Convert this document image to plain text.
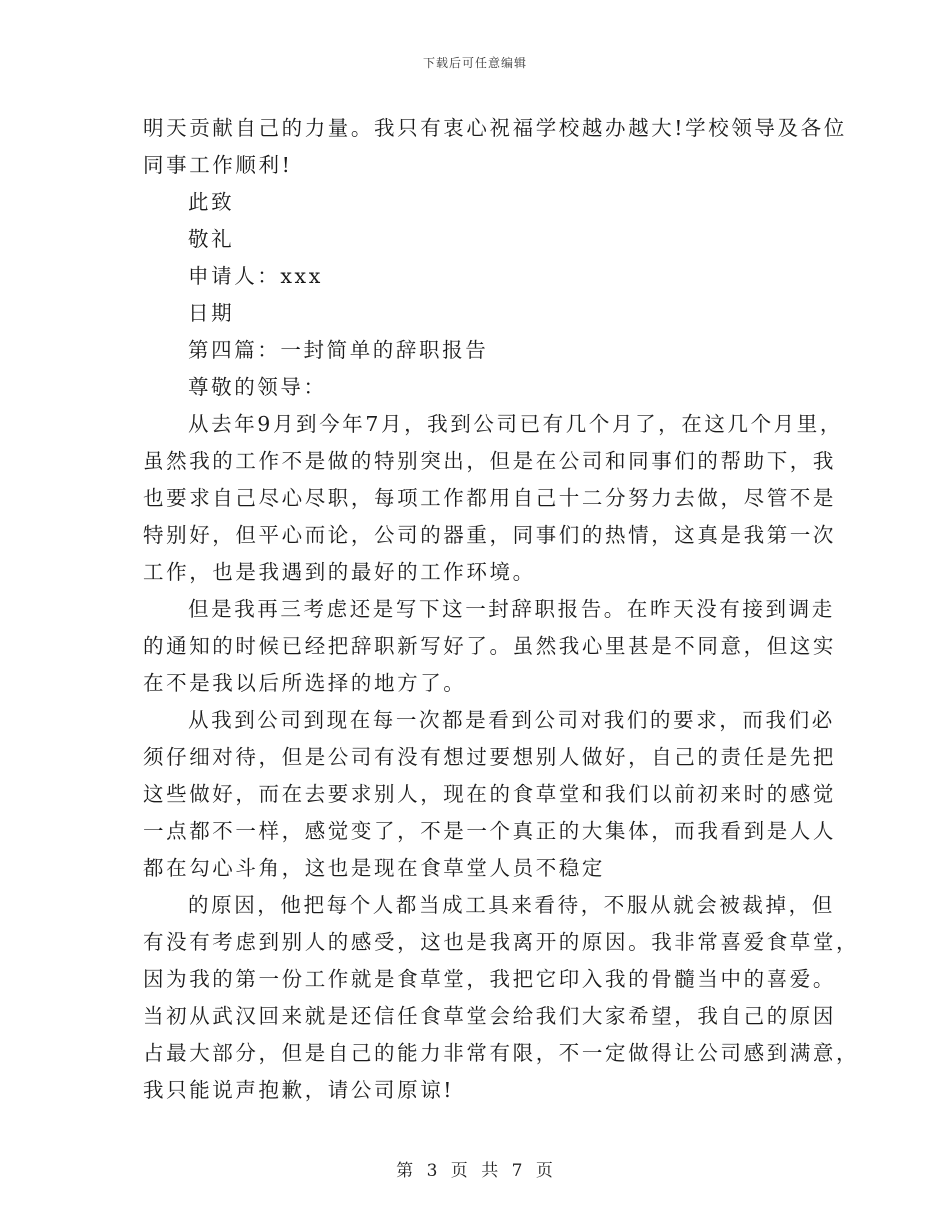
下载后可任意编辑
明天贡献自己的力量。我只有衷心祝福学校越办越大!学校领导及各位
同事工作顺利!
此致
敬礼
申请人：xxx
日期
第四篇：一封简单的辞职报告
尊敬的领导：
从去年9月到今年7月，我到公司已有几个月了，在这几个月里，
虽然我的工作不是做的特别突出，但是在公司和同事们的帮助下，我
也要求自己尽心尽职，每项工作都用自己十二分努力去做，尽管不是
特别好，但平心而论，公司的器重，同事们的热情，这真是我第一次
工作，也是我遇到的最好的工作环境。
但是我再三考虑还是写下这一封辞职报告。在昨天没有接到调走
的通知的时候已经把辞职新写好了。虽然我心里甚是不同意，但这实
在不是我以后所选择的地方了。
从我到公司到现在每一次都是看到公司对我们的要求，而我们必
须仔细对待，但是公司有没有想过要想别人做好，自己的责任是先把
这些做好，而在去要求别人，现在的食草堂和我们以前初来时的感觉
一点都不一样，感觉变了，不是一个真正的大集体，而我看到是人人
都在勾心斗角，这也是现在食草堂人员不稳定
的原因，他把每个人都当成工具来看待，不服从就会被裁掉，但
有没有考虑到别人的感受，这也是我离开的原因。我非常喜爱食草堂，
因为我的第一份工作就是食草堂，我把它印入我的骨髓当中的喜爱。
当初从武汉回来就是还信任食草堂会给我们大家希望，我自己的原因
占最大部分，但是自己的能力非常有限，不一定做得让公司感到满意，
我只能说声抱歉，请公司原谅!
第 3 页 共 7 页
